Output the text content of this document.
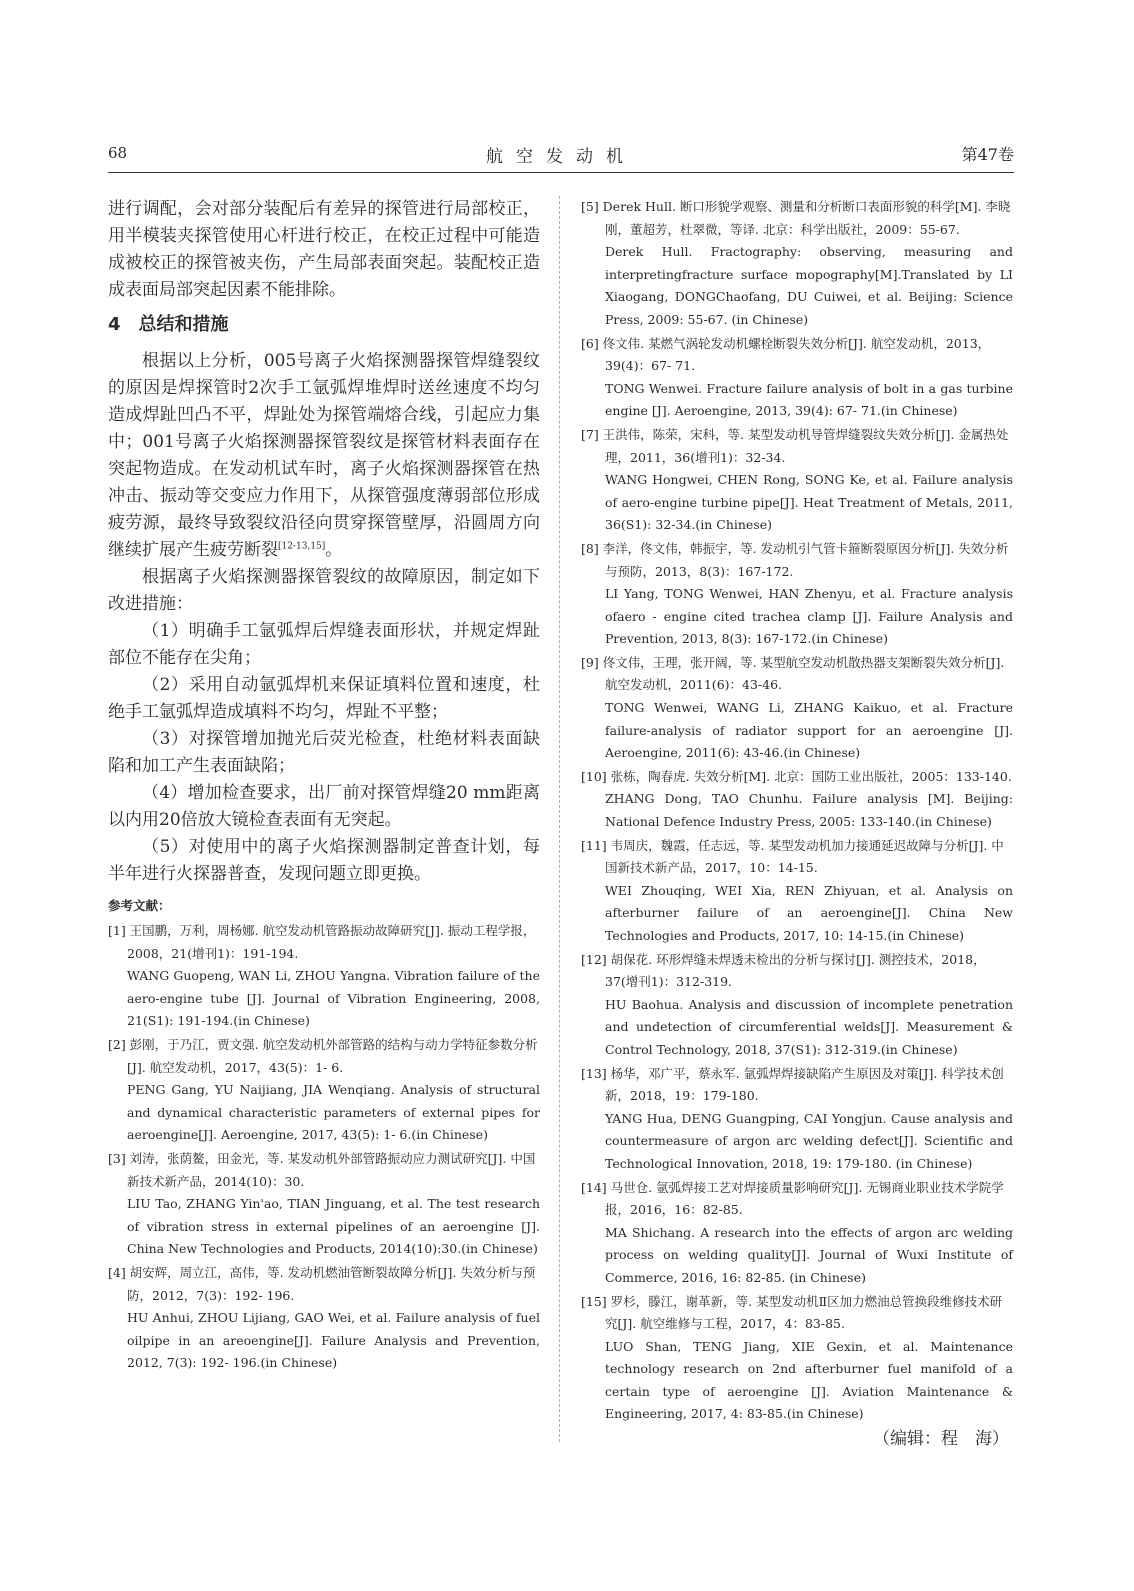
68	航空发动机	第47卷

进行调配，会对部分装配后有差异的探管进行局部校正，用半模装夹探管使用心杆进行校正，在校正过程中可能造成被校正的探管被夹伤，产生局部表面突起。装配校正造成表面局部突起因素不能排除。

4　总结和措施

根据以上分析，005号离子火焰探测器探管焊缝裂纹的原因是焊探管时2次手工氩弧焊堆焊时送丝速度不均匀造成焊趾凹凸不平，焊趾处为探管端熔合线，引起应力集中；001号离子火焰探测器探管裂纹是探管材料表面存在突起物造成。在发动机试车时，离子火焰探测器探管在热冲击、振动等交变应力作用下，从探管强度薄弱部位形成疲劳源，最终导致裂纹沿径向贯穿探管壁厚，沿圆周方向继续扩展产生疲劳断裂[12-13,15]。

根据离子火焰探测器探管裂纹的故障原因，制定如下改进措施：

（1）明确手工氩弧焊后焊缝表面形状，并规定焊趾部位不能存在尖角；

（2）采用自动氩弧焊机来保证填料位置和速度，杜绝手工氩弧焊造成填料不均匀，焊趾不平整；

（3）对探管增加抛光后荧光检查，杜绝材料表面缺陷和加工产生表面缺陷；

（4）增加检查要求，出厂前对探管焊缝20 mm距离以内用20倍放大镜检查表面有无突起。

（5）对使用中的离子火焰探测器制定普查计划，每半年进行火探器普查，发现问题立即更换。

参考文献：
[1] 王国鹏，万利，周杨娜. 航空发动机管路振动故障研究[J]. 振动工程学报，2008，21(增刊1)：191-194.
WANG Guopeng, WAN Li, ZHOU Yangna. Vibration failure of the aero-engine tube [J]. Journal of Vibration Engineering, 2008, 21(S1): 191-194.(in Chinese)
[2] 彭刚，于乃江，贾文强. 航空发动机外部管路的结构与动力学特征参数分析[J]. 航空发动机，2017，43(5)：1- 6.
PENG Gang, YU Naijiang, JIA Wenqiang. Analysis of structural and dynamical characteristic parameters of external pipes for aeroengine[J]. Aeroengine, 2017, 43(5): 1- 6.(in Chinese)
[3] 刘涛，张荫鳌，田金光，等. 某发动机外部管路振动应力测试研究[J]. 中国新技术新产品，2014(10)：30.
LIU Tao, ZHANG Yin'ao, TIAN Jinguang, et al. The test research of vibration stress in external pipelines of an aeroengine [J]. China New Technologies and Products, 2014(10):30.(in Chinese)
[4] 胡安辉，周立江，高伟，等. 发动机燃油管断裂故障分析[J]. 失效分析与预防，2012，7(3)：192- 196.
HU Anhui, ZHOU Lijiang, GAO Wei, et al. Failure analysis of fuel oilpipe in an areoengine[J]. Failure Analysis and Prevention, 2012, 7(3): 192- 196.(in Chinese)
[5] Derek Hull. 断口形貌学观察、测量和分析断口表面形貌的科学[M]. 李晓刚，董超芳，杜翠微，等译. 北京：科学出版社，2009：55-67.
Derek Hull. Fractography: observing, measuring and interpretingfracture surface mopography[M].Translated by LI Xiaogang, DONGChaofang, DU Cuiwei, et al. Beijing: Science Press, 2009: 55-67. (in Chinese)
[6] 佟文伟. 某燃气涡轮发动机螺栓断裂失效分析[J]. 航空发动机，2013，39(4)：67- 71.
TONG Wenwei. Fracture failure analysis of bolt in a gas turbine engine [J]. Aeroengine, 2013, 39(4): 67- 71.(in Chinese)
[7] 王洪伟，陈荣，宋科，等. 某型发动机导管焊缝裂纹失效分析[J]. 金属热处理，2011，36(增刊1)：32-34.
WANG Hongwei, CHEN Rong, SONG Ke, et al. Failure analysis of aero-engine turbine pipe[J]. Heat Treatment of Metals, 2011, 36(S1): 32-34.(in Chinese)
[8] 李洋，佟文伟，韩振宇，等. 发动机引气管卡箍断裂原因分析[J]. 失效分析与预防，2013，8(3)：167-172.
LI Yang, TONG Wenwei, HAN Zhenyu, et al. Fracture analysis ofaero - engine cited trachea clamp [J]. Failure Analysis and Prevention, 2013, 8(3): 167-172.(in Chinese)
[9] 佟文伟，王理，张开阔，等. 某型航空发动机散热器支架断裂失效分析[J]. 航空发动机，2011(6)：43-46.
TONG Wenwei, WANG Li, ZHANG Kaikuo, et al. Fracture failure-analysis of radiator support for an aeroengine [J]. Aeroengine, 2011(6): 43-46.(in Chinese)
[10] 张栋，陶春虎. 失效分析[M]. 北京：国防工业出版社，2005：133-140.
ZHANG Dong, TAO Chunhu. Failure analysis [M]. Beijing: National Defence Industry Press, 2005: 133-140.(in Chinese)
[11] 韦周庆，魏霞，任志远，等. 某型发动机加力接通延迟故障与分析[J]. 中国新技术新产品，2017，10：14-15.
WEI Zhouqing, WEI Xia, REN Zhiyuan, et al. Analysis on afterburner failure of an aeroengine[J]. China New Technologies and Products, 2017, 10: 14-15.(in Chinese)
[12] 胡保花. 环形焊缝未焊透未检出的分析与探讨[J]. 测控技术，2018，37(增刊1)：312-319.
HU Baohua. Analysis and discussion of incomplete penetration and undetection of circumferential welds[J]. Measurement & Control Technology, 2018, 37(S1): 312-319.(in Chinese)
[13] 杨华，邓广平，蔡永军. 氩弧焊焊接缺陷产生原因及对策[J]. 科学技术创新，2018，19：179-180.
YANG Hua, DENG Guangping, CAI Yongjun. Cause analysis and countermeasure of argon arc welding defect[J]. Scientific and Technological Innovation, 2018, 19: 179-180. (in Chinese)
[14] 马世仓. 氩弧焊接工艺对焊接质量影响研究[J]. 无锡商业职业技术学院学报，2016，16：82-85.
MA Shichang. A research into the effects of argon arc welding process on welding quality[J]. Journal of Wuxi Institute of Commerce, 2016, 16: 82-85. (in Chinese)
[15] 罗杉，滕江，谢革新，等. 某型发动机Ⅱ区加力燃油总管换段维修技术研究[J]. 航空维修与工程，2017，4：83-85.
LUO Shan, TENG Jiang, XIE Gexin, et al. Maintenance technology research on 2nd afterburner fuel manifold of a certain type of aeroengine [J]. Aviation Maintenance & Engineering, 2017, 4: 83-85.(in Chinese)
（编辑：程　海）
